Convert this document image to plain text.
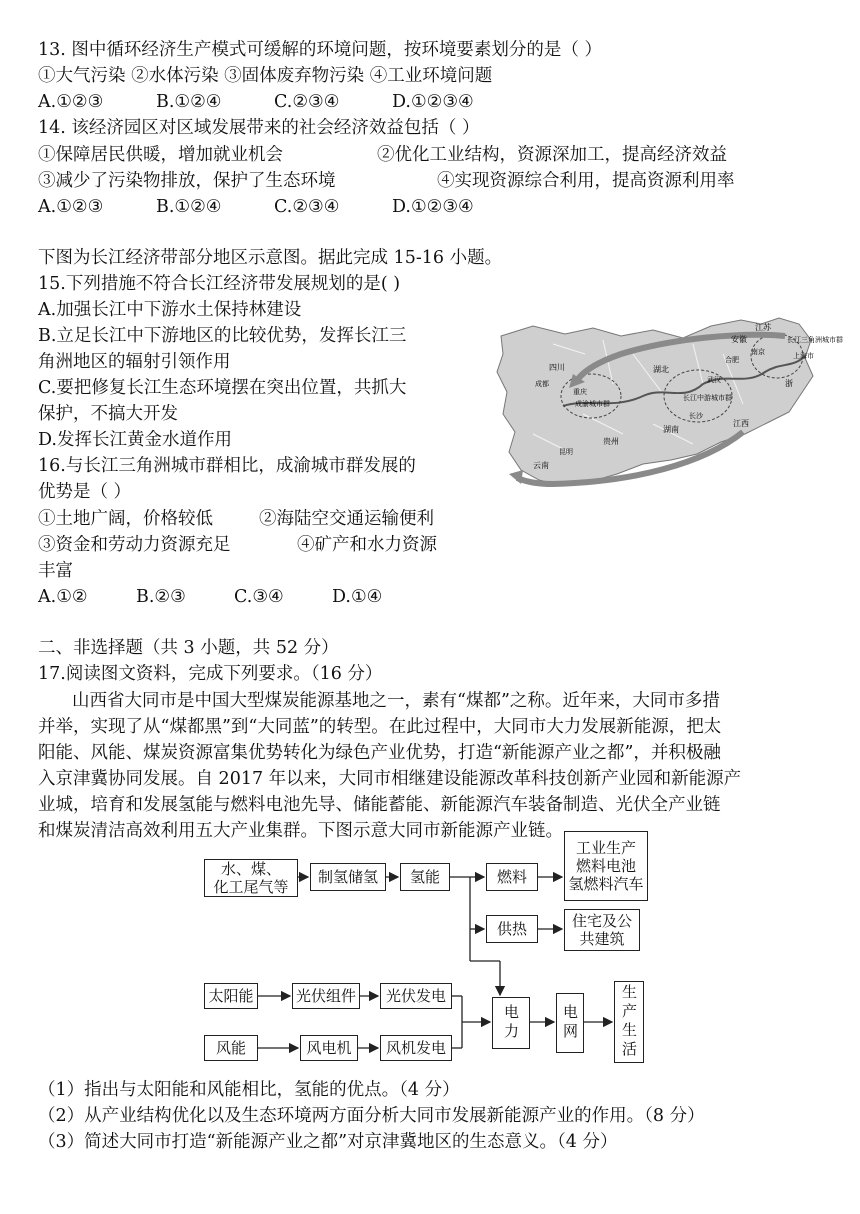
13. 图中循环经济生产模式可缓解的环境问题，按环境要素划分的是（ ）
①大气污染 ②水体污染 ③固体废弃物污染 ④工业环境问题
A.①②③	B.①②④	C.②③④	D.①②③④
14. 该经济园区对区域发展带来的社会经济效益包括（ ）
①保障居民供暖，增加就业机会	②优化工业结构，资源深加工，提高经济效益
③减少了污染物排放，保护了生态环境	④实现资源综合利用，提高资源利用率
A.①②③	B.①②④	C.②③④	D.①②③④
下图为长江经济带部分地区示意图。据此完成 15-16 小题。
15.下列措施不符合长江经济带发展规划的是( )
A.加强长江中下游水土保持林建设
B.立足长江中下游地区的比较优势，发挥长江三
角洲地区的辐射引领作用
C.要把修复长江生态环境摆在突出位置，共抓大
保护，不搞大开发
D.发挥长江黄金水道作用
16.与长江三角洲城市群相比，成渝城市群发展的
优势是（ ）
①土地广阔，价格较低	②海陆空交通运输便利
③资金和劳动力资源充足	④矿产和水力资源
丰富
A.①②	B.②③	C.③④	D.①④
长江三角洲城市群
上海市
成渝城市群
重庆
长江中游城市群
合肥
南京
武汉
长沙
昆明
成都
江苏
浙
四川
云南
湖南
江西
贵州
湖北
安徽
二、非选择题（共 3 小题，共 52 分）
17.阅读图文资料，完成下列要求。（16 分）
山西省大同市是中国大型煤炭能源基地之一，素有“煤都”之称。近年来，大同市多措
并举，实现了从“煤都黑”到“大同蓝”的转型。在此过程中，大同市大力发展新能源，把太
阳能、风能、煤炭资源富集优势转化为绿色产业优势，打造“新能源产业之都”，并积极融
入京津冀协同发展。自 2017 年以来，大同市相继建设能源改革科技创新产业园和新能源产
业城，培育和发展氢能与燃料电池先导、储能蓄能、新能源汽车装备制造、光伏全产业链
和煤炭清洁高效利用五大产业集群。下图示意大同市新能源产业链。
水、煤、
化工尾气等
制氢储氢	氢能	燃料
工业生产
燃料电池
氢燃料汽车
供热	住宅及公
共建筑
太阳能	光伏组件	光伏发电
风能	风电机	风机发电
电力	电网	生产生活
（1）指出与太阳能和风能相比，氢能的优点。（4 分）
（2）从产业结构优化以及生态环境两方面分析大同市发展新能源产业的作用。（8 分）
（3）简述大同市打造“新能源产业之都”对京津冀地区的生态意义。（4 分）
